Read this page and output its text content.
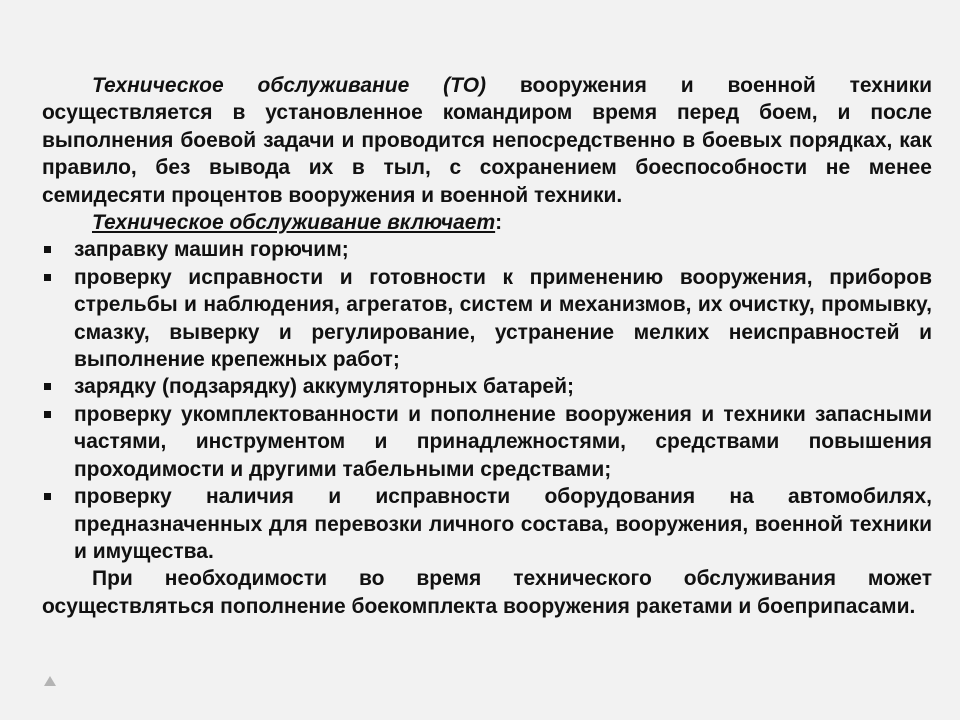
Техническое обслуживание (ТО) вооружения и военной техники осуществляется в установленное командиром время перед боем, и после выполнения боевой задачи и проводится непосредственно в боевых порядках, как правило, без вывода их в тыл, с сохранением боеспособности не менее семидесяти процентов вооружения и военной техники.

Техническое обслуживание включает:

заправку машин горючим;
проверку исправности и готовности к применению вооружения, приборов стрельбы и наблюдения, агрегатов, систем и механизмов, их очистку, промывку, смазку, выверку и регулирование, устранение мелких неисправностей и выполнение крепежных работ;
зарядку (подзарядку) аккумуляторных батарей;
проверку укомплектованности и пополнение вооружения и техники запасными частями, инструментом и принадлежностями, средствами повышения проходимости и другими табельными средствами;
проверку наличия и исправности оборудования на автомобилях, предназначенных для перевозки личного состава, вооружения, военной техники и имущества.

При необходимости во время технического обслуживания может осуществляться пополнение боекомплекта вооружения ракетами и боеприпасами.
